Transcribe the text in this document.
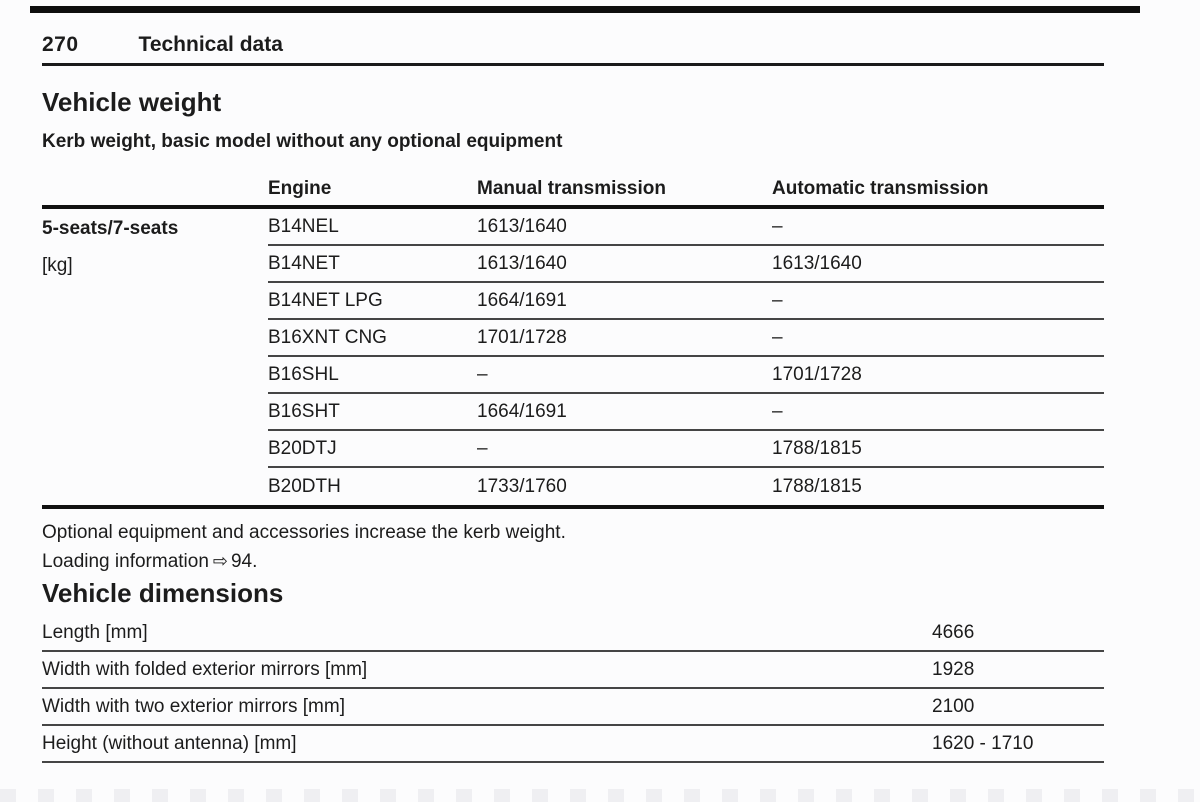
270	Technical data
Vehicle weight
Kerb weight, basic model without any optional equipment
Engine	Manual transmission	Automatic transmission
5-seats/7-seats
[kg]
B14NEL	1613/1640	–
B14NET	1613/1640	1613/1640
B14NET LPG	1664/1691	–
B16XNT CNG	1701/1728	–
B16SHL	–	1701/1728
B16SHT	1664/1691	–
B20DTJ	–	1788/1815
B20DTH	1733/1760	1788/1815

Optional equipment and accessories increase the kerb weight.

Loading information ⇨ 94.

Vehicle dimensions
Length [mm]	4666
Width with folded exterior mirrors [mm]	1928
Width with two exterior mirrors [mm]	2100
Height (without antenna) [mm]	1620 - 1710
